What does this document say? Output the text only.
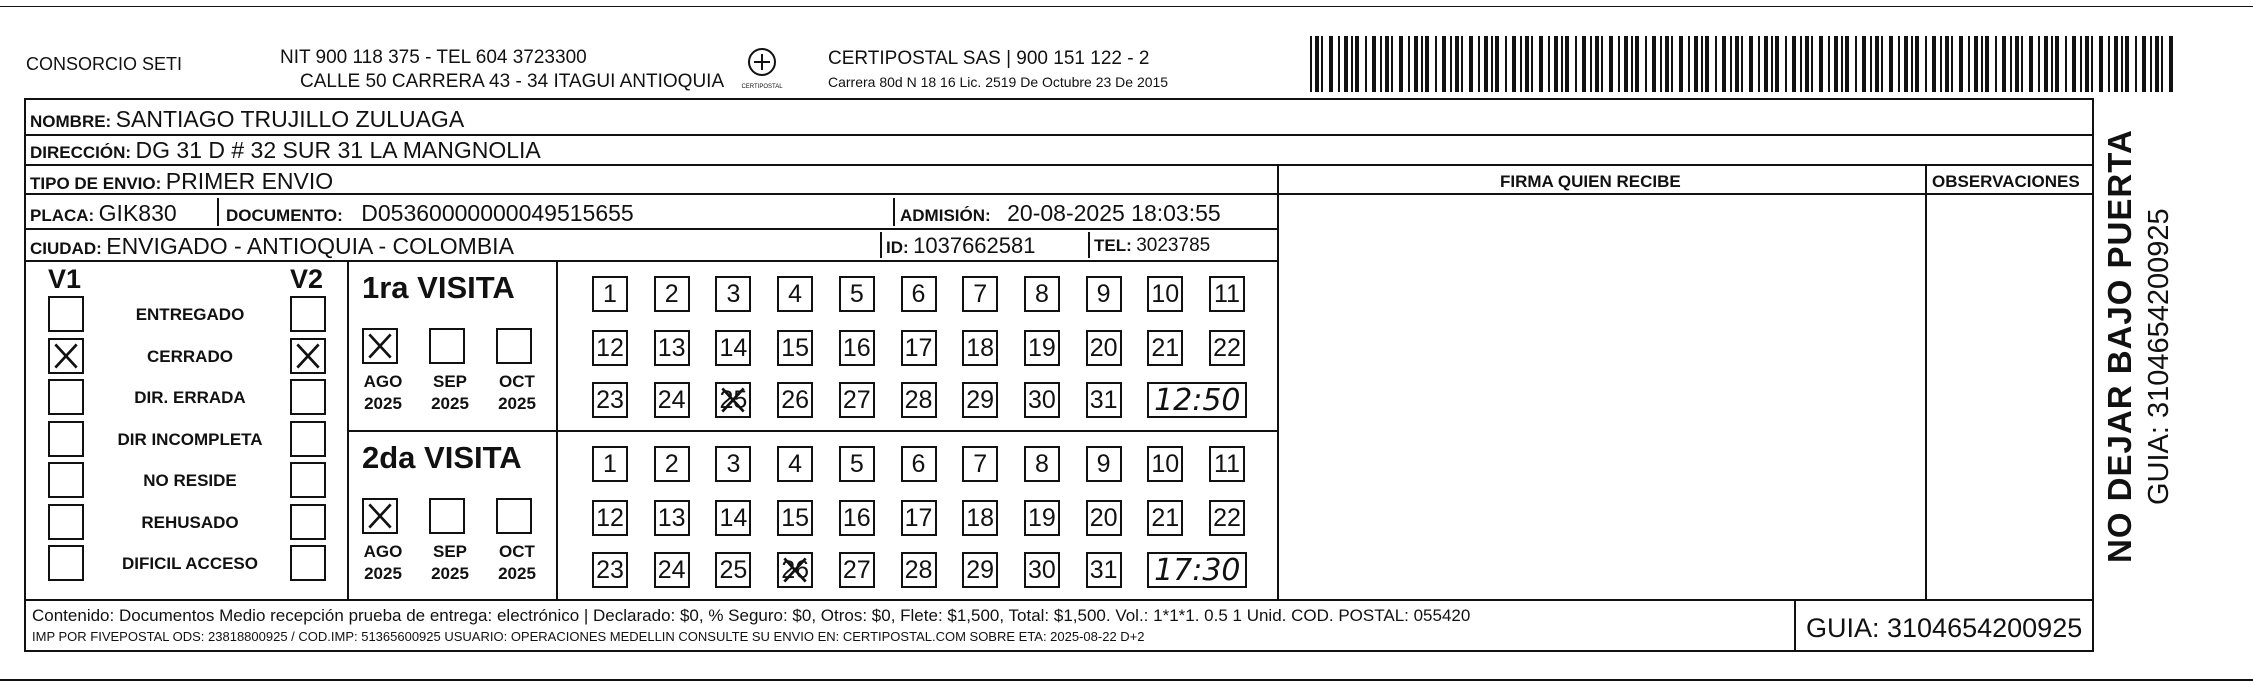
CONSORCIO SETI	NIT 900 118 375 - TEL 604 3723300
CALLE 50 CARRERA 43 - 34 ITAGUI ANTIOQUIA	CERTIPOSTAL
CERTIPOSTAL SAS | 900 151 122 - 2
Carrera 80d N 18 16 Lic. 2519 De Octubre 23 De 2015
NOMBRE: SANTIAGO TRUJILLO ZULUAGA
DIRECCIÓN: DG 31 D # 32 SUR 31 LA MANGNOLIA
TIPO DE ENVIO: PRIMER ENVIO	FIRMA QUIEN RECIBE	OBSERVACIONES
PLACA: GIK830	DOCUMENTO: D05360000000049515655	ADMISIÓN: 20-08-2025 18:03:55
CIUDAD: ENVIGADO - ANTIOQUIA - COLOMBIA	ID: 1037662581	TEL: 3023785
V1	V2
ENTREGADO
CERRADO
DIR. ERRADA
DIR INCOMPLETA
NO RESIDE
REHUSADO
DIFICIL ACCESO
1ra VISITA
AGO
2025
SEP
2025
OCT
2025
1 2 3 4 5 6 7 8 9 10 11
12 13 14 15 16 17 18 19 20 21 22
23 24 25 26 27 28 29 30 31 12:50
2da VISITA
AGO
2025
SEP
2025
OCT
2025
1 2 3 4 5 6 7 8 9 10 11
12 13 14 15 16 17 18 19 20 21 22
23 24 25 26 27 28 29 30 31 17:30
Contenido: Documentos Medio recepción prueba de entrega: electrónico | Declarado: $0, % Seguro: $0, Otros: $0, Flete: $1,500, Total: $1,500. Vol.: 1*1*1. 0.5 1 Unid. COD. POSTAL: 055420
IMP POR FIVEPOSTAL ODS: 23818800925 / COD.IMP: 51365600925 USUARIO: OPERACIONES MEDELLIN CONSULTE SU ENVIO EN: CERTIPOSTAL.COM SOBRE ETA: 2025-08-22 D+2	GUIA: 3104654200925
NO DEJAR BAJO PUERTA GUIA: 3104654200925
